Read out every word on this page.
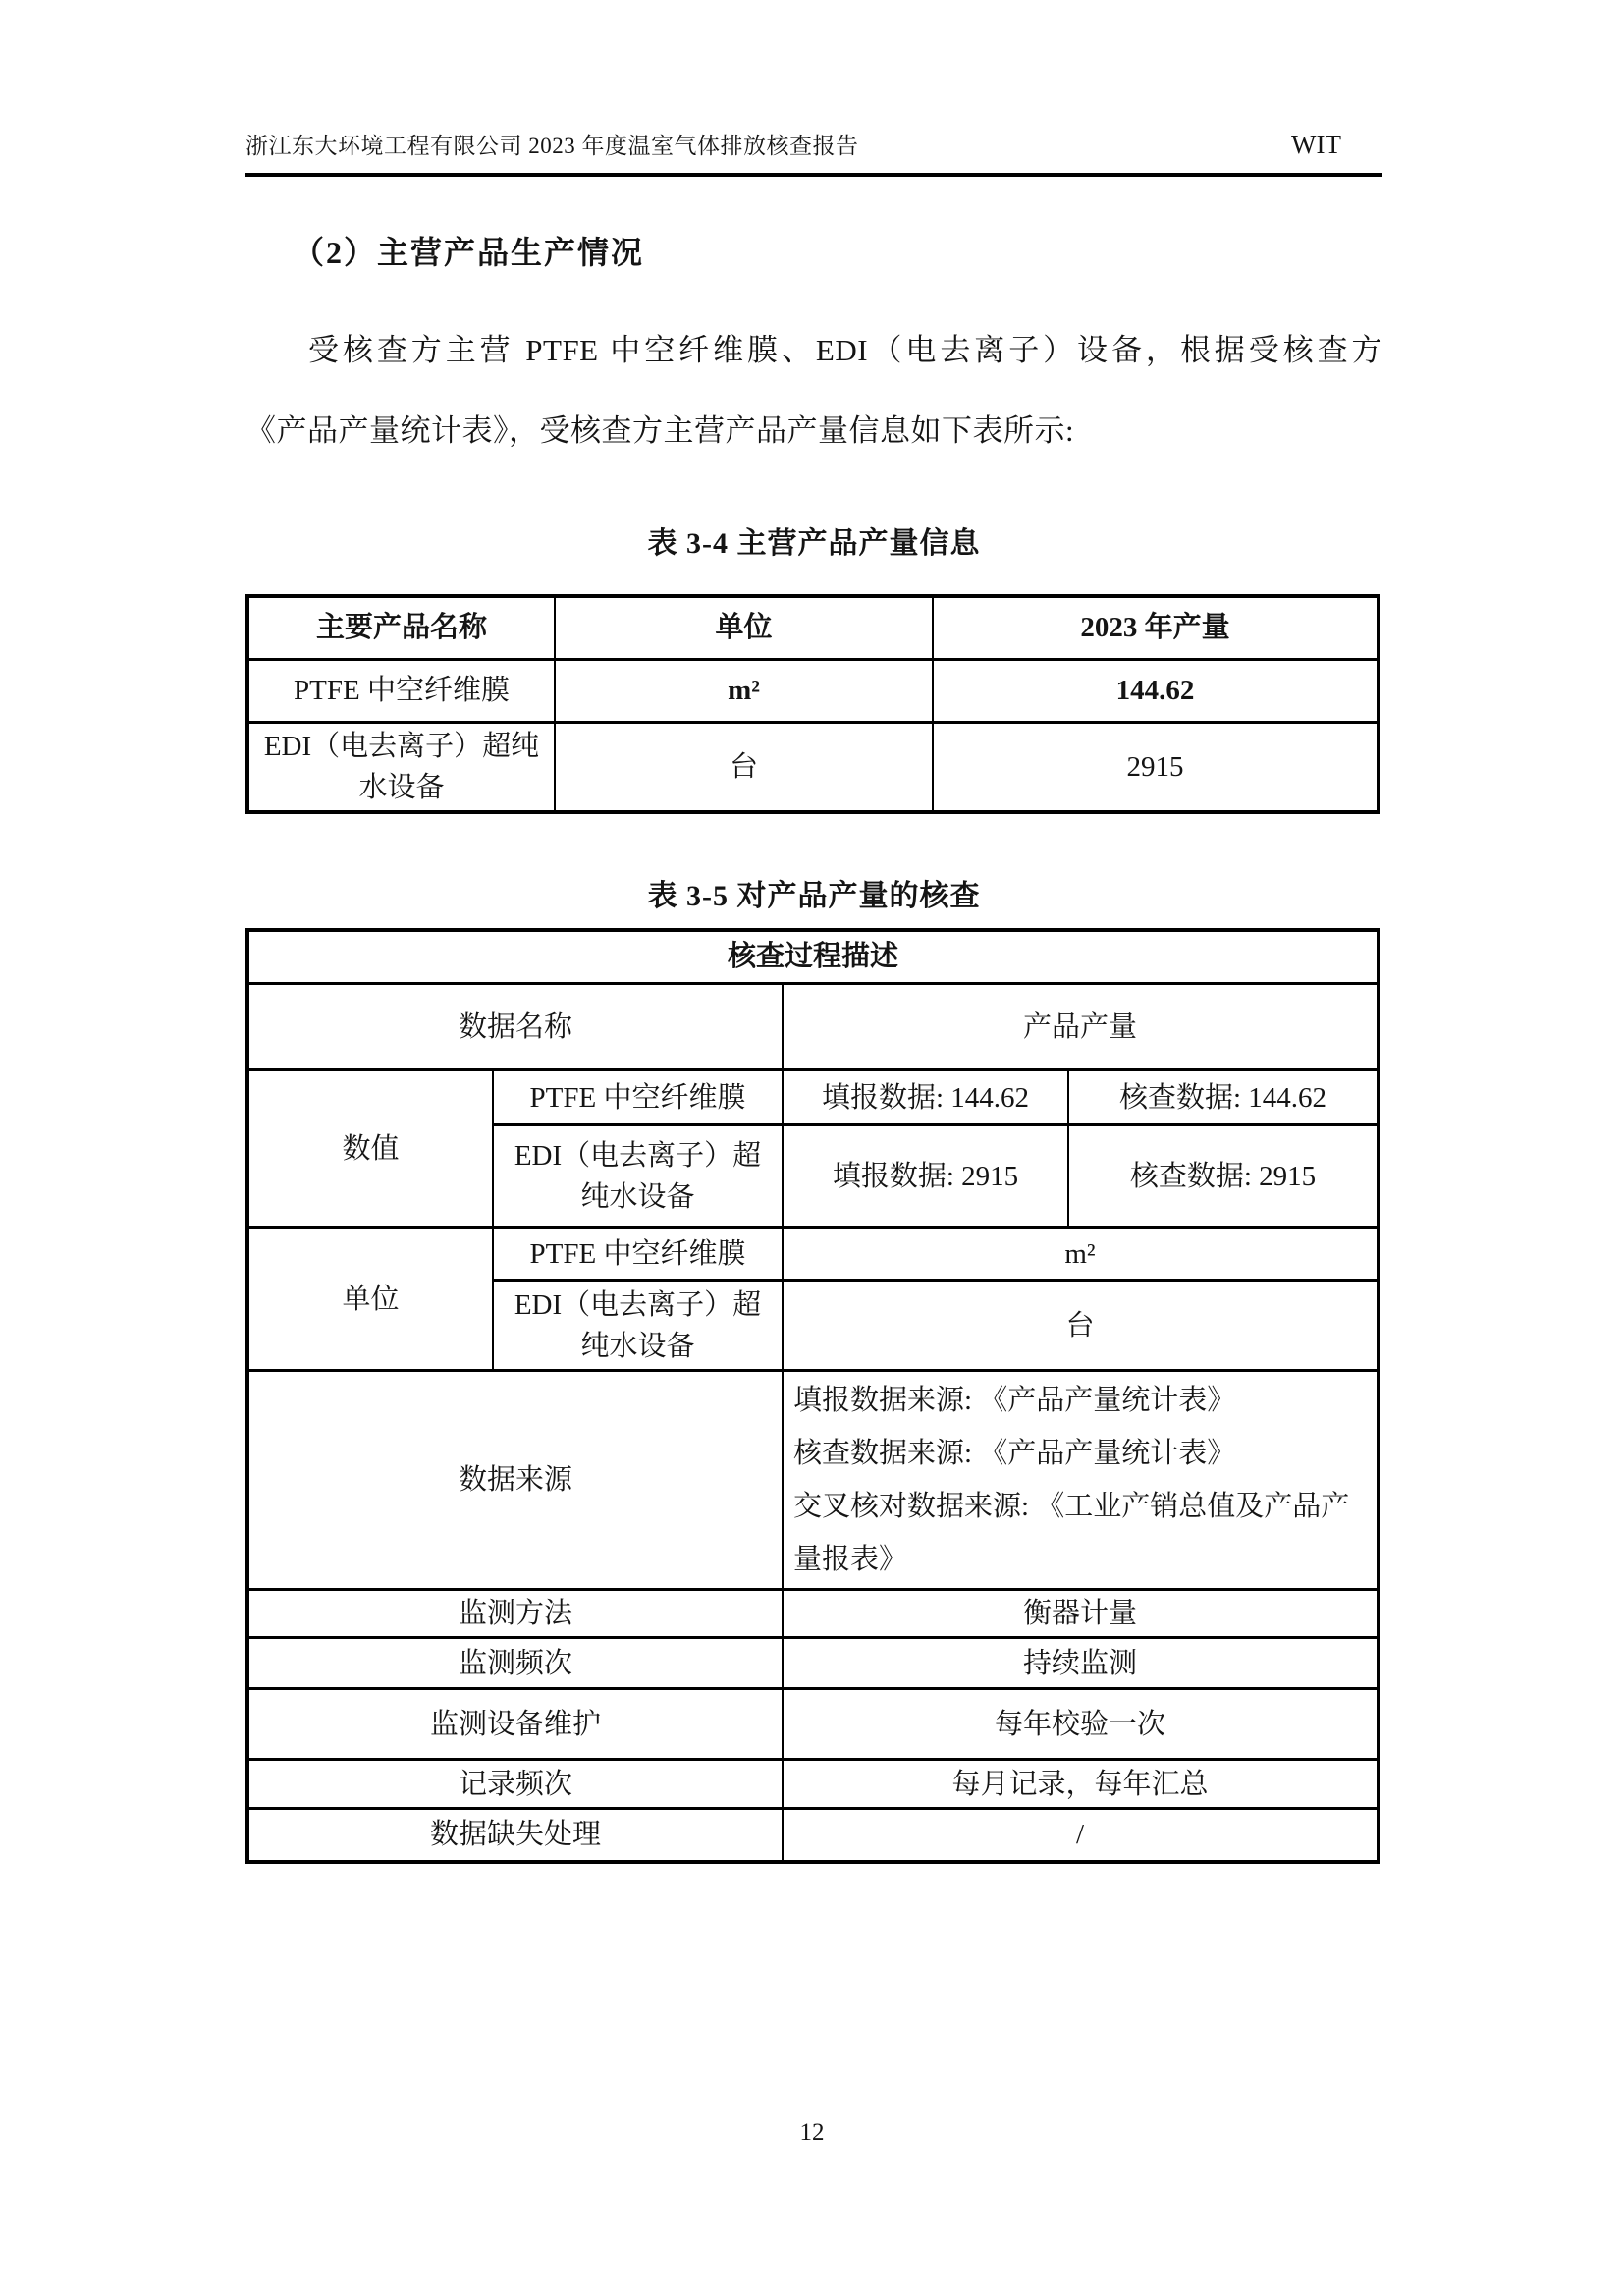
浙江东大环境工程有限公司 2023 年度温室气体排放核查报告	WIT
（2）主营产品生产情况
受核查方主营 PTFE 中空纤维膜、EDI（电去离子）设备，根据受核查方
《产品产量统计表》，受核查方主营产品产量信息如下表所示:
表 3-4 主营产品产量信息
主要产品名称	单位	2023 年产量
PTFE 中空纤维膜	m²	144.62
EDI（电去离子）超纯水设备	台	2915
表 3-5 对产品产量的核查
核查过程描述			
数据名称		产品产量	
数值	PTFE 中空纤维膜	填报数据: 144.62	核查数据: 144.62
	EDI（电去离子）超纯水设备	填报数据: 2915	核查数据: 2915
单位	PTFE 中空纤维膜	m²	
	EDI（电去离子）超纯水设备	台	
数据来源		填报数据来源: 《产品产量统计表》
核查数据来源: 《产品产量统计表》
交叉核对数据来源: 《工业产销总值及产品产量报表》	

监测方法		衡器计量	
监测频次		持续监测	
监测设备维护		每年校验一次	
记录频次		每月记录，每年汇总	
数据缺失处理		/	
12
